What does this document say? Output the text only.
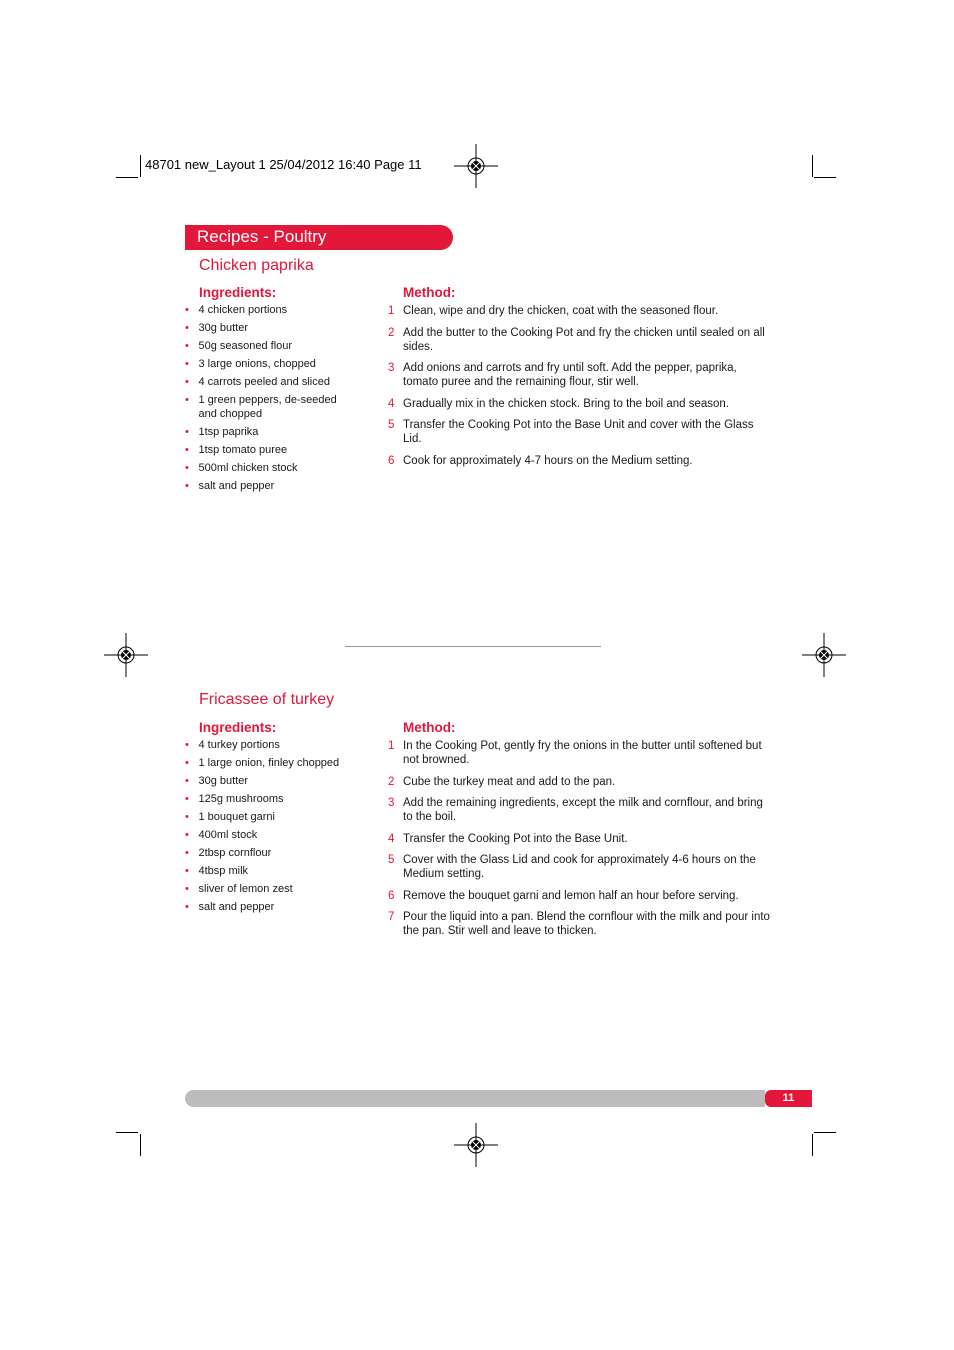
48701 new_Layout 1 25/04/2012 16:40 Page 11
Recipes - Poultry
Chicken paprika
Ingredients:	Method:
• 4 chicken portions
• 30g butter
• 50g seasoned flour
• 3 large onions, chopped
• 4 carrots peeled and sliced
• 1 green peppers, de-seeded and chopped
• 1tsp paprika
• 1tsp tomato puree
• 500ml chicken stock
• salt and pepper
1 Clean, wipe and dry the chicken, coat with the seasoned flour.
2 Add the butter to the Cooking Pot and fry the chicken until sealed on all sides.
3 Add onions and carrots and fry until soft. Add the pepper, paprika, tomato puree and the remaining flour, stir well.
4 Gradually mix in the chicken stock. Bring to the boil and season.
5 Transfer the Cooking Pot into the Base Unit and cover with the Glass Lid.
6 Cook for approximately 4-7 hours on the Medium setting.
Fricassee of turkey
Ingredients:	Method:
• 4 turkey portions
• 1 large onion, finley chopped
• 30g butter
• 125g mushrooms
• 1 bouquet garni
• 400ml stock
• 2tbsp cornflour
• 4tbsp milk
• sliver of lemon zest
• salt and pepper
1 In the Cooking Pot, gently fry the onions in the butter until softened but not browned.
2 Cube the turkey meat and add to the pan.
3 Add the remaining ingredients, except the milk and cornflour, and bring to the boil.
4 Transfer the Cooking Pot into the Base Unit.
5 Cover with the Glass Lid and cook for approximately 4-6 hours on the Medium setting.
6 Remove the bouquet garni and lemon half an hour before serving.
7 Pour the liquid into a pan. Blend the cornflour with the milk and pour into the pan. Stir well and leave to thicken.
11
